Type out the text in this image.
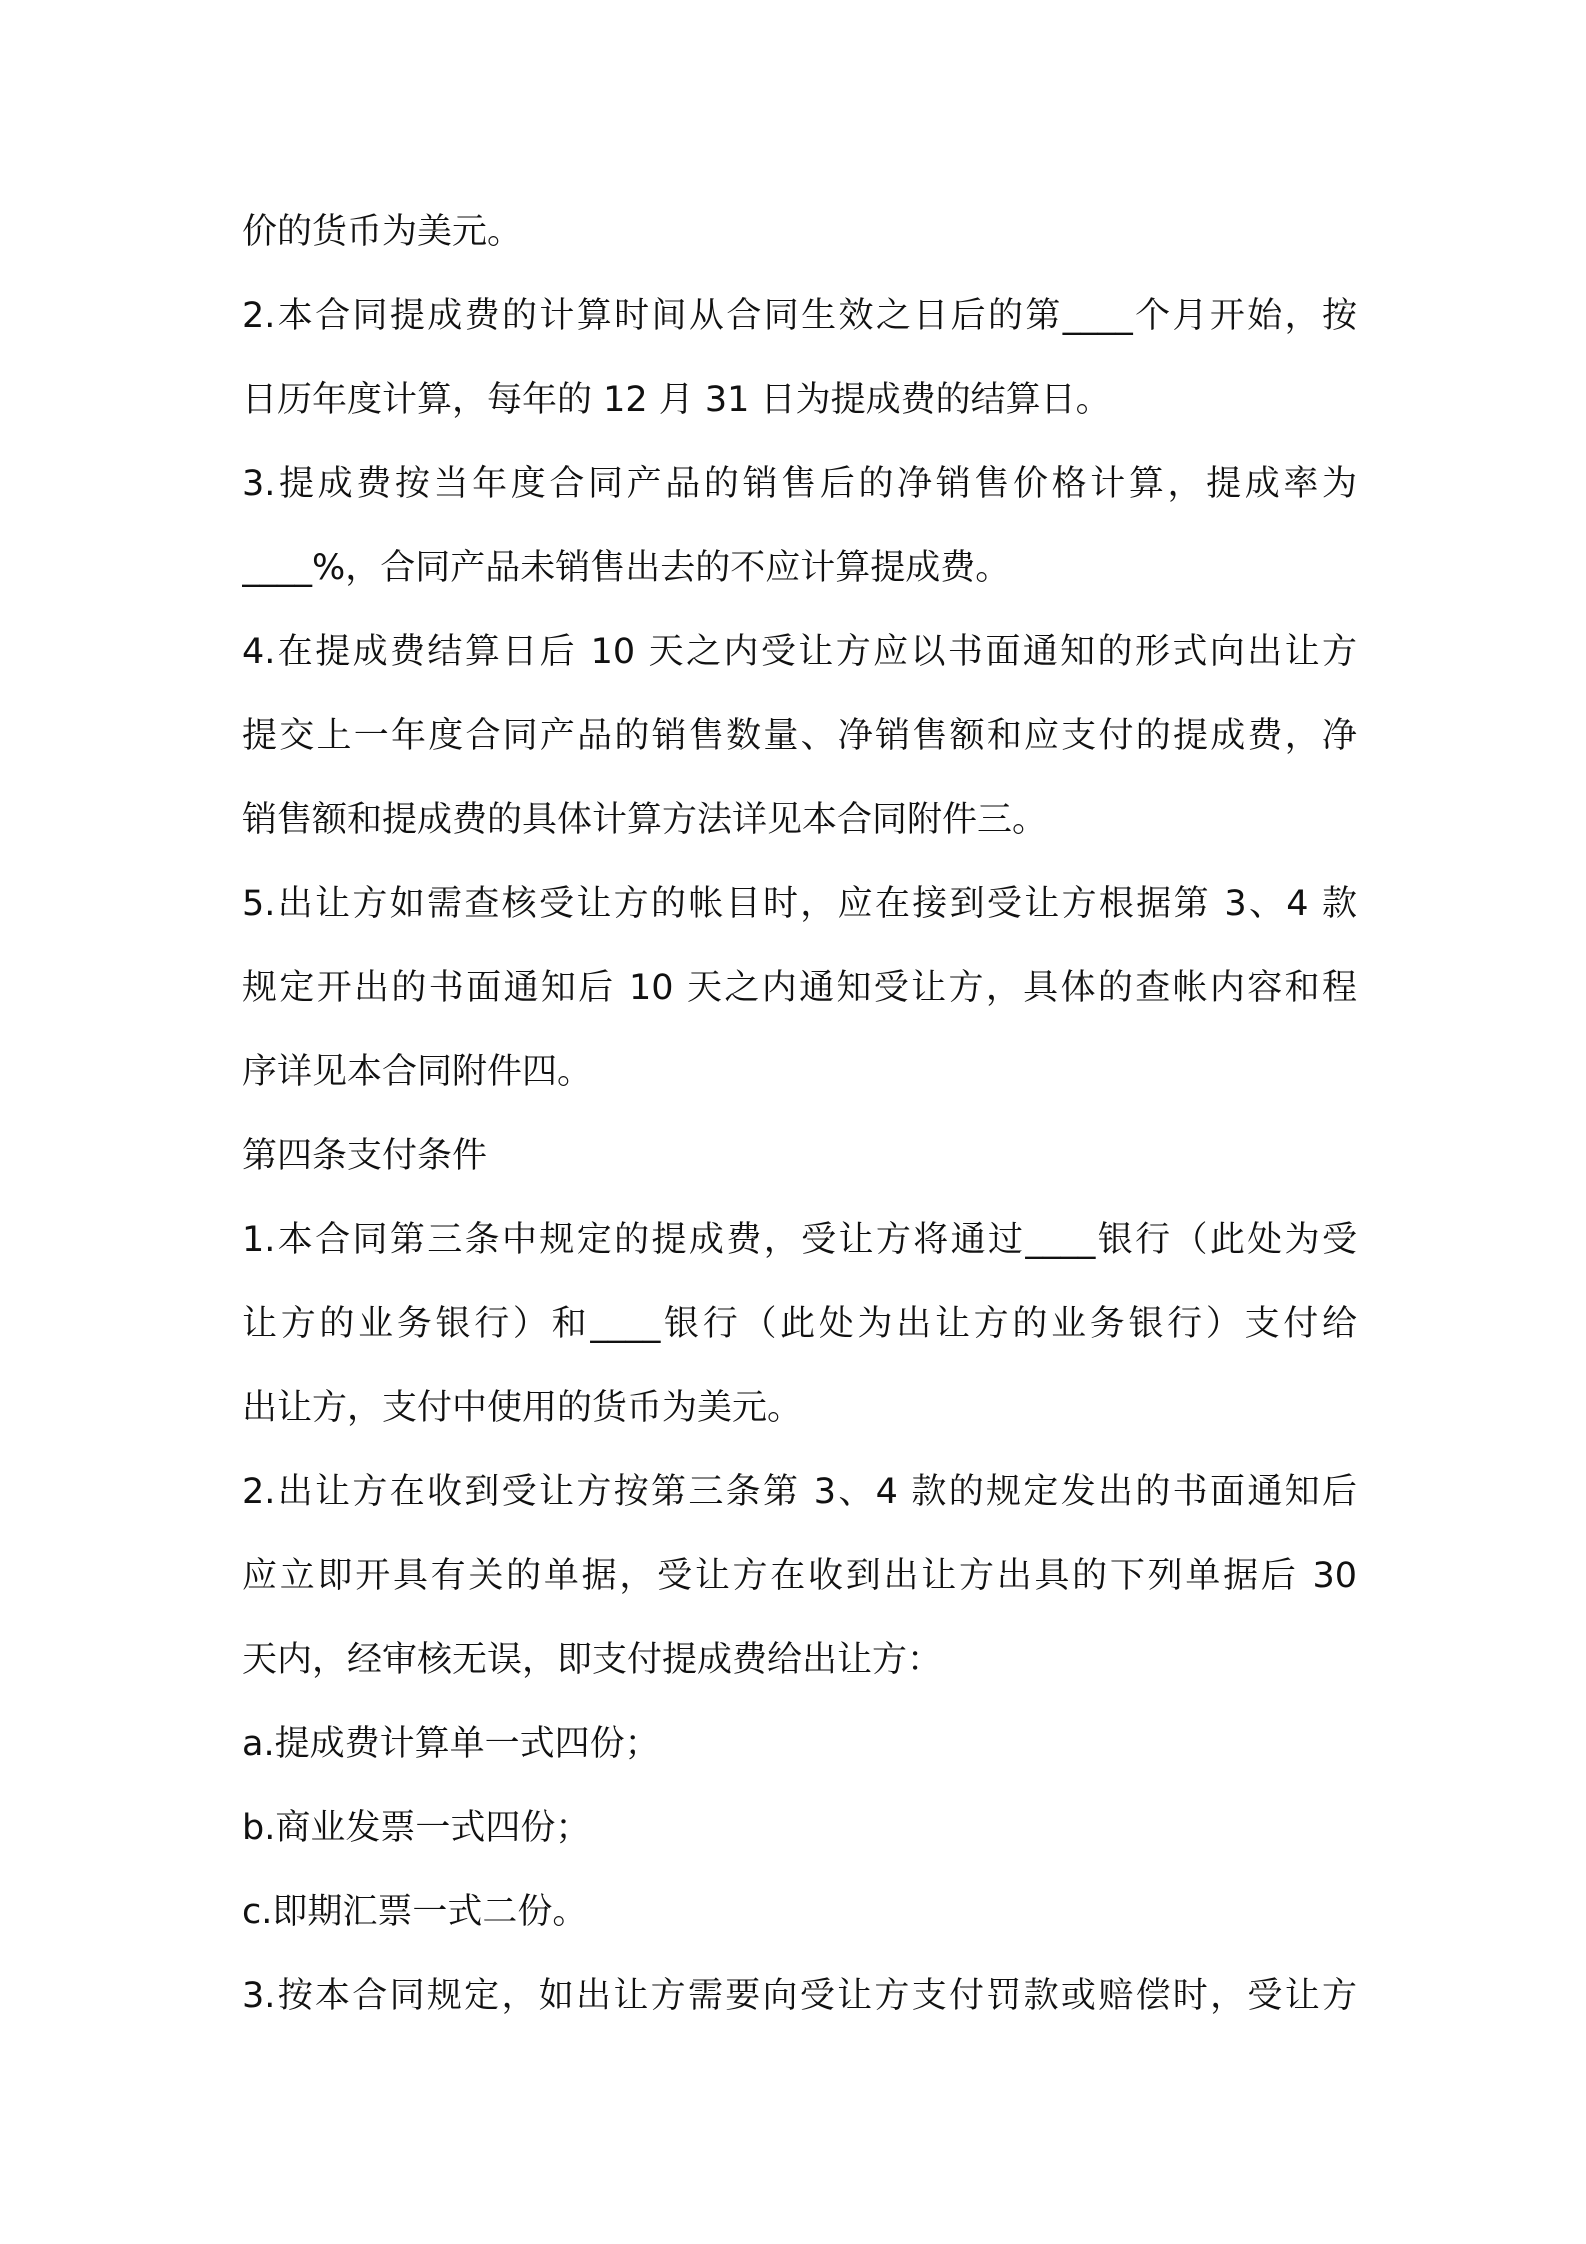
价的货币为美元。
2.本合同提成费的计算时间从合同生效之日后的第____个月开始，按
日历年度计算，每年的 12 月 31 日为提成费的结算日。
3.提成费按当年度合同产品的销售后的净销售价格计算，提成率为
____%，合同产品未销售出去的不应计算提成费。
4.在提成费结算日后 10 天之内受让方应以书面通知的形式向出让方
提交上一年度合同产品的销售数量、净销售额和应支付的提成费，净
销售额和提成费的具体计算方法详见本合同附件三。
5.出让方如需查核受让方的帐目时，应在接到受让方根据第 3、4 款
规定开出的书面通知后 10 天之内通知受让方，具体的查帐内容和程
序详见本合同附件四。
第四条支付条件
1.本合同第三条中规定的提成费，受让方将通过____银行（此处为受
让方的业务银行）和____银行（此处为出让方的业务银行）支付给
出让方，支付中使用的货币为美元。
2.出让方在收到受让方按第三条第 3、4 款的规定发出的书面通知后
应立即开具有关的单据，受让方在收到出让方出具的下列单据后 30
天内，经审核无误，即支付提成费给出让方：
a.提成费计算单一式四份；
b.商业发票一式四份；
c.即期汇票一式二份。
3.按本合同规定，如出让方需要向受让方支付罚款或赔偿时，受让方
